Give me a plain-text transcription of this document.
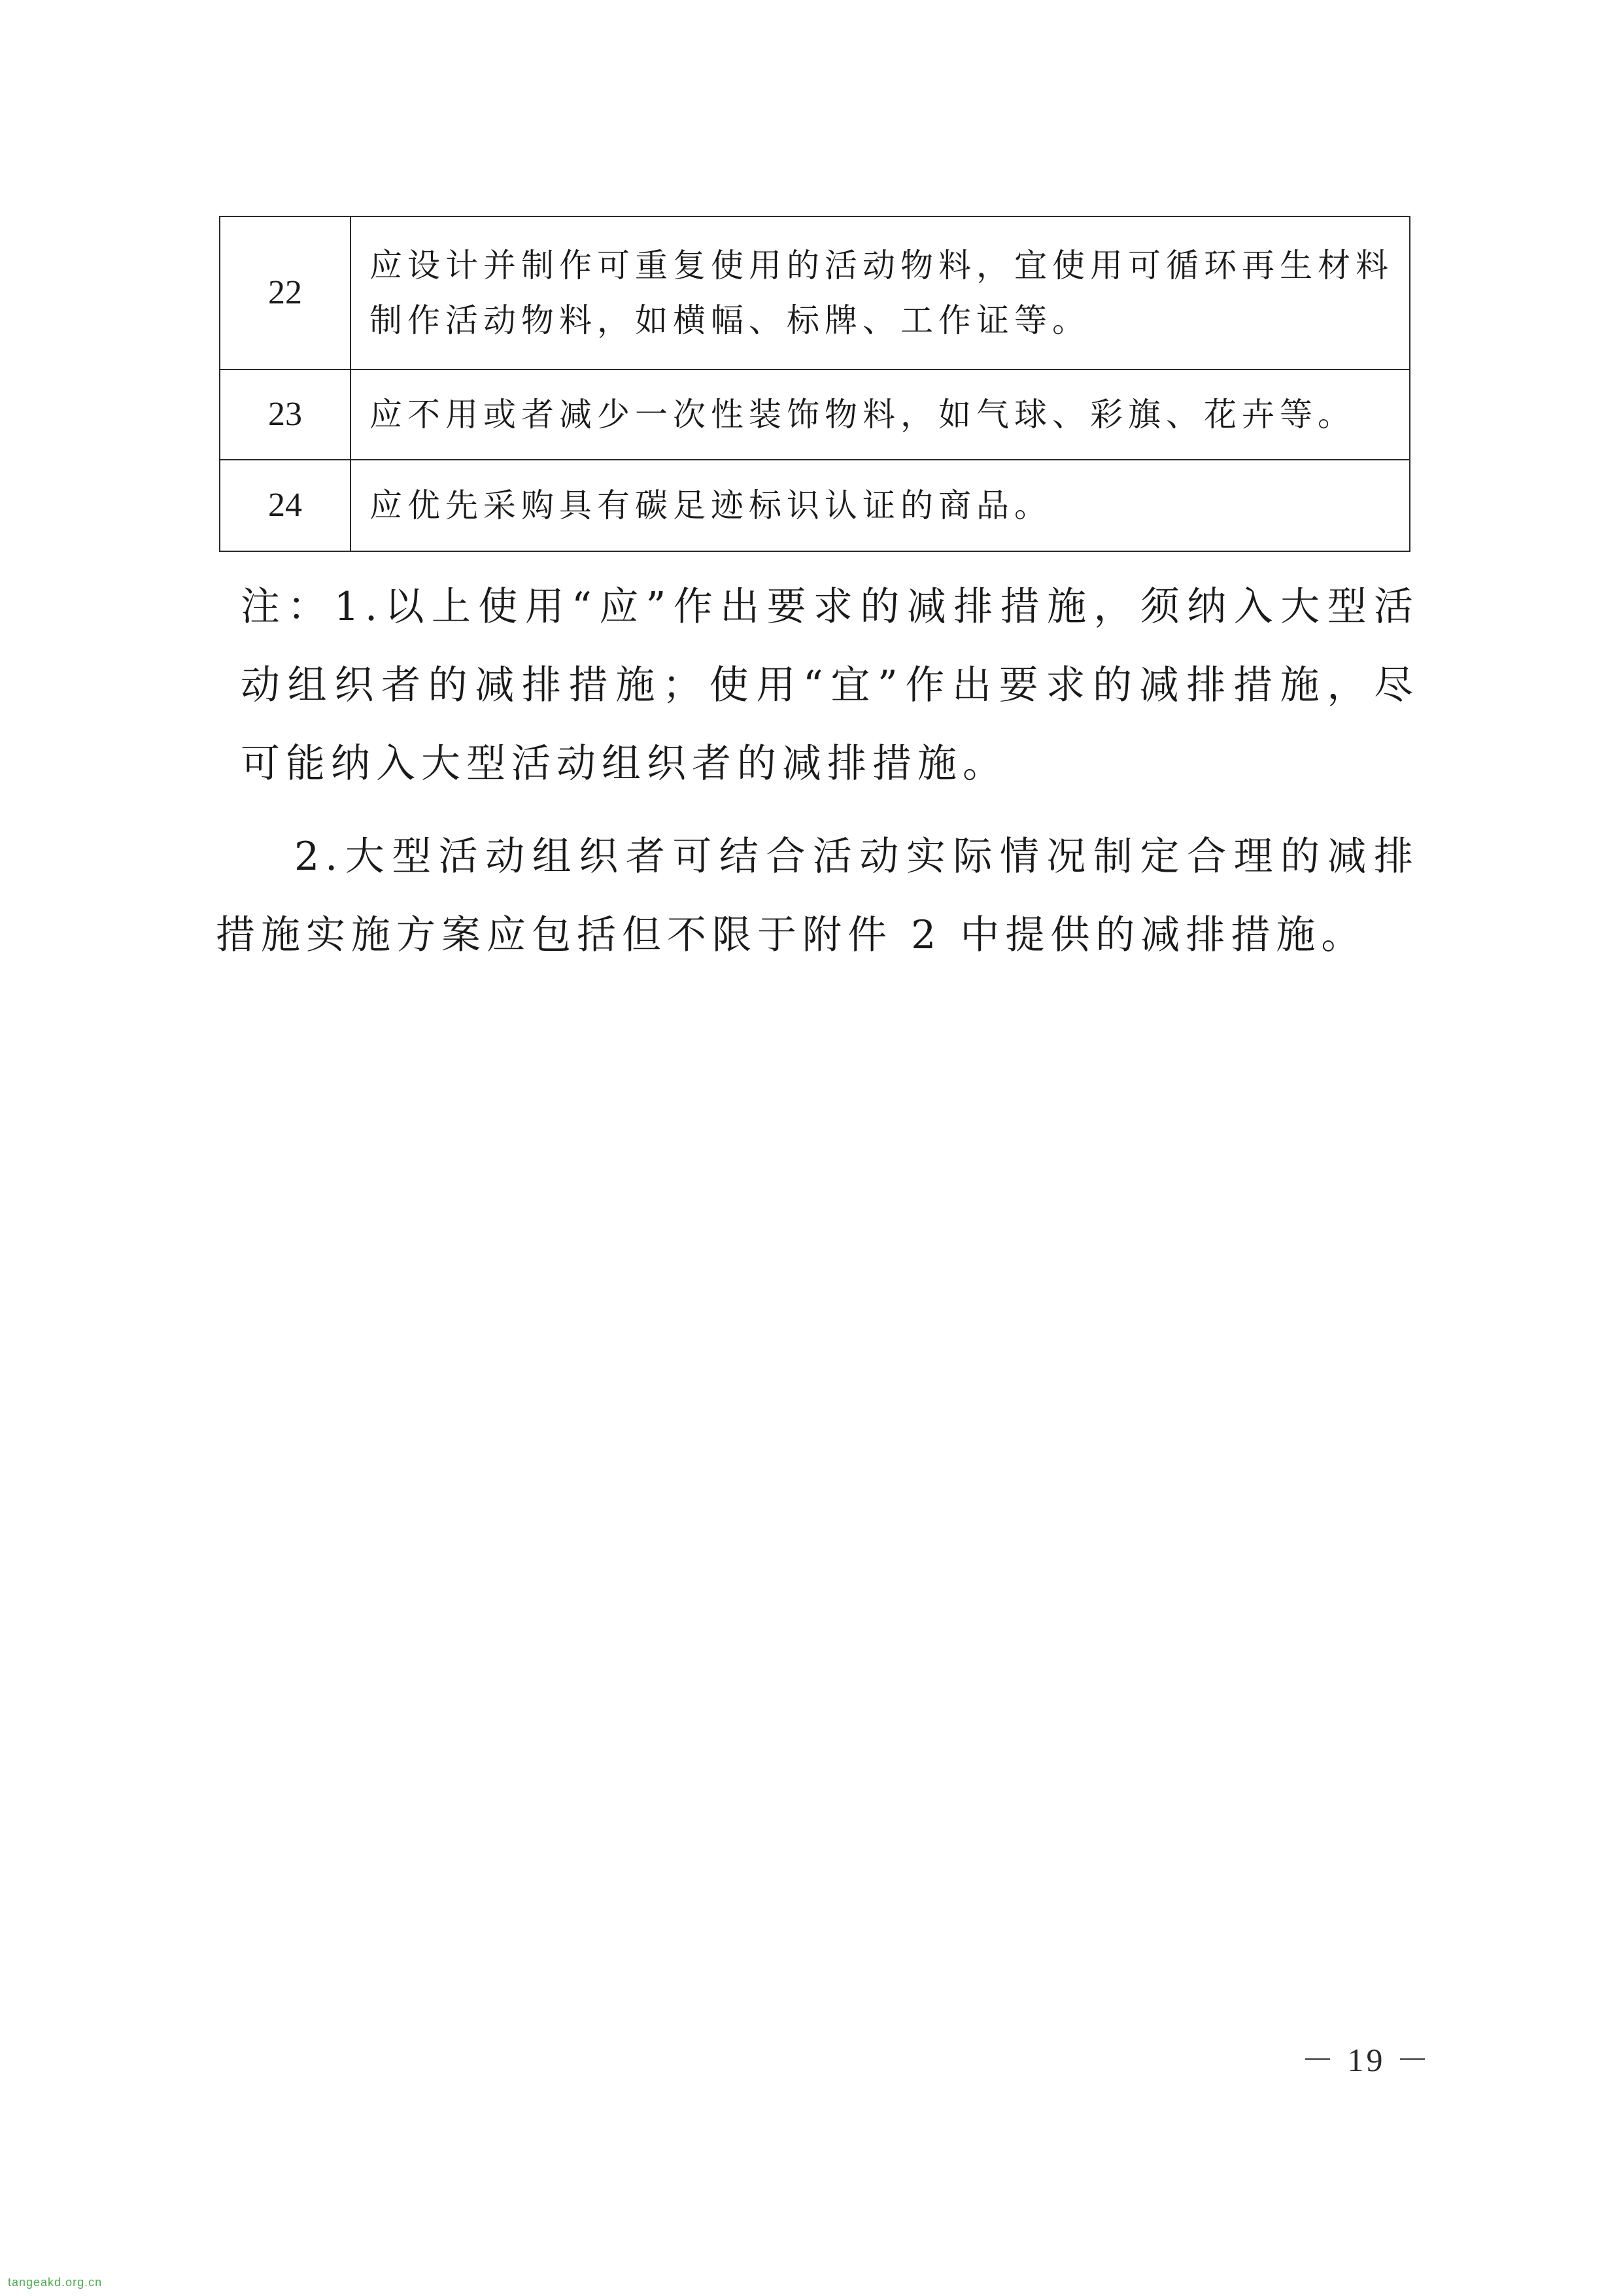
22	应设计并制作可重复使用的活动物料，宜使用可循环再生材料制作活动物料，如横幅、标牌、工作证等。
23	应不用或者减少一次性装饰物料，如气球、彩旗、花卉等。
24	应优先采购具有碳足迹标识认证的商品。

注：1.以上使用“应”作出要求的减排措施，须纳入大型活动组织者的减排措施；使用“宜”作出要求的减排措施，尽可能纳入大型活动组织者的减排措施。

2.大型活动组织者可结合活动实际情况制定合理的减排措施实施方案应包括但不限于附件 2 中提供的减排措施。

－ 19 －
tangeakd.org.cn
